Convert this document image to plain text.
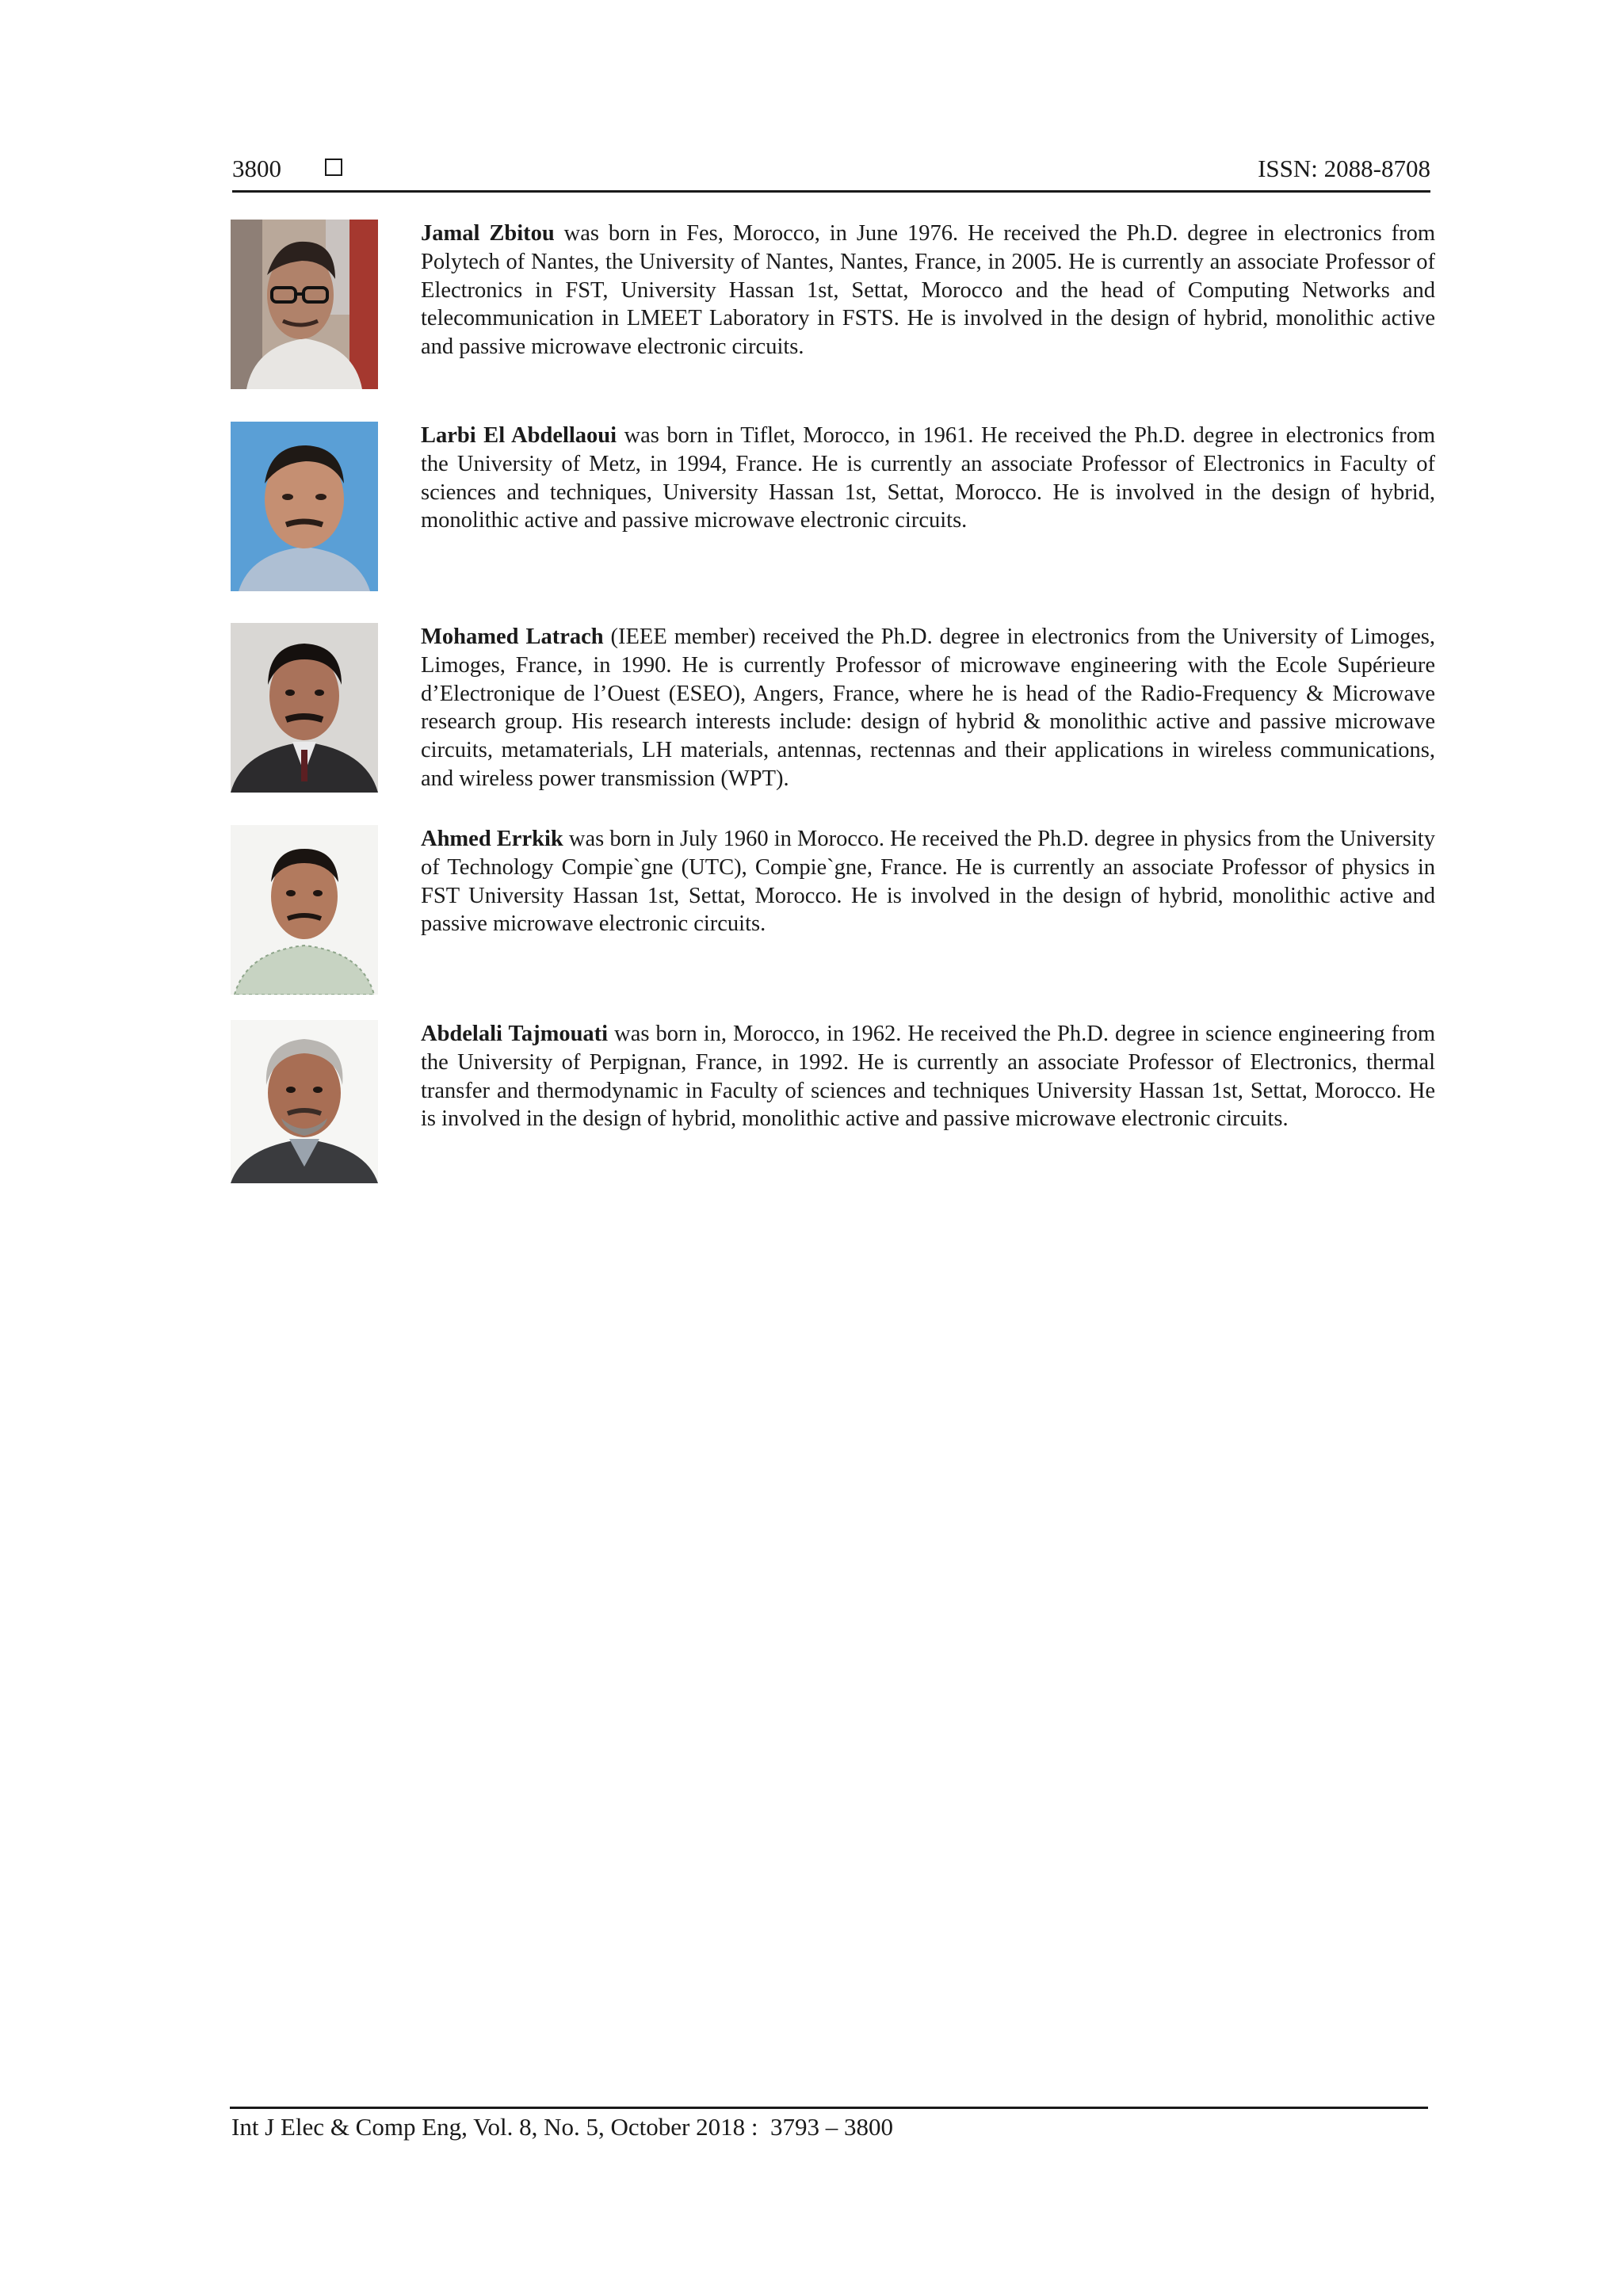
3800	ISSN: 2088-8708

Jamal Zbitou was born in Fes, Morocco, in June 1976. He received the Ph.D. degree in electronics from Polytech of Nantes, the University of Nantes, Nantes, France, in 2005. He is currently an associate Professor of Electronics in FST, University Hassan 1st, Settat, Morocco and the head of Computing Networks and telecommunication in LMEET Laboratory in FSTS. He is involved in the design of hybrid, monolithic active and passive microwave electronic circuits.

Larbi El Abdellaoui was born in Tiflet, Morocco, in 1961. He received the Ph.D. degree in electronics from the University of Metz, in 1994, France. He is currently an associate Professor of Electronics in Faculty of sciences and techniques, University Hassan 1st, Settat, Morocco. He is involved in the design of hybrid, monolithic active and passive microwave electronic circuits.

Mohamed Latrach (IEEE member) received the Ph.D. degree in electronics from the University of Limoges, Limoges, France, in 1990. He is currently Professor of microwave engineering with the Ecole Supérieure d’Electronique de l’Ouest (ESEO), Angers, France, where he is head of the Radio-Frequency & Microwave research group. His research interests include: design of hybrid & monolithic active and passive microwave circuits, metamaterials, LH materials, antennas, rectennas and their applications in wireless communications, and wireless power transmission (WPT).

Ahmed Errkik was born in July 1960 in Morocco. He received the Ph.D. degree in physics from the University of Technology Compie`gne (UTC), Compie`gne, France. He is currently an associate Professor of physics in FST University Hassan 1st, Settat, Morocco. He is involved in the design of hybrid, monolithic active and passive microwave electronic circuits.

Abdelali Tajmouati was born in, Morocco, in 1962. He received the Ph.D. degree in science engineering from the University of Perpignan, France, in 1992. He is currently an associate Professor of Electronics, thermal transfer and thermodynamic in Faculty of sciences and techniques University Hassan 1st, Settat, Morocco. He is involved in the design of hybrid, monolithic active and passive microwave electronic circuits.

Int J Elec & Comp Eng, Vol. 8, No. 5, October 2018 :  3793 – 3800
